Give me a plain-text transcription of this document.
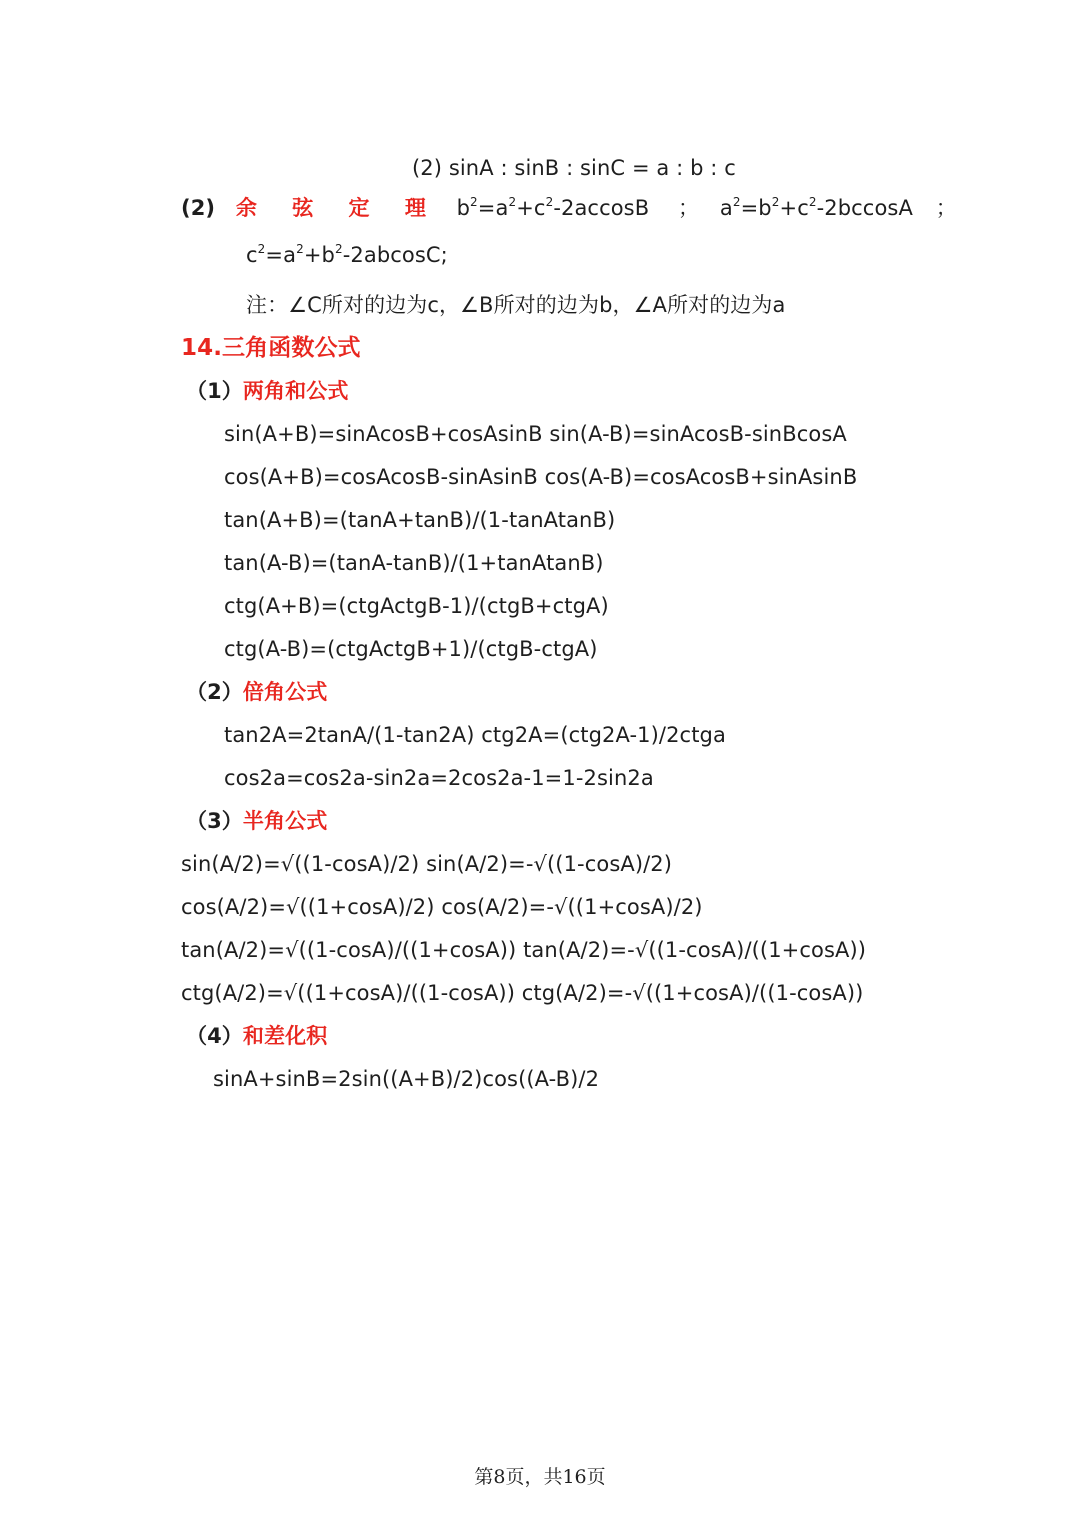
(2) sinA : sinB : sinC = a : b : c
(2) 余 弦 定 理 $b^2=a^2+c^2-2accosB$ ； $a^2=b^2+c^2-2bccosA$ ；
$c^2=a^2+b^2-2abcosC$;
注：∠C所对的边为c，∠B所对的边为b，∠A所对的边为a
14.三角函数公式
（1）两角和公式
sin(A+B)=sinAcosB+cosAsinB sin(A-B)=sinAcosB-sinBcosA
cos(A+B)=cosAcosB-sinAsinB cos(A-B)=cosAcosB+sinAsinB
tan(A+B)=(tanA+tanB)/(1-tanAtanB)
tan(A-B)=(tanA-tanB)/(1+tanAtanB)
ctg(A+B)=(ctgActgB-1)/(ctgB+ctgA)
ctg(A-B)=(ctgActgB+1)/(ctgB-ctgA)
（2）倍角公式
tan2A=2tanA/(1-tan2A) ctg2A=(ctg2A-1)/2ctga
cos2a=cos2a-sin2a=2cos2a-1=1-2sin2a
（3）半角公式
sin(A/2)=√((1-cosA)/2) sin(A/2)=-√((1-cosA)/2)
cos(A/2)=√((1+cosA)/2) cos(A/2)=-√((1+cosA)/2)
tan(A/2)=√((1-cosA)/((1+cosA)) tan(A/2)=-√((1-cosA)/((1+cosA))
ctg(A/2)=√((1+cosA)/((1-cosA)) ctg(A/2)=-√((1+cosA)/((1-cosA))
（4）和差化积
sinA+sinB=2sin((A+B)/2)cos((A-B)/2
第8页，共16页
